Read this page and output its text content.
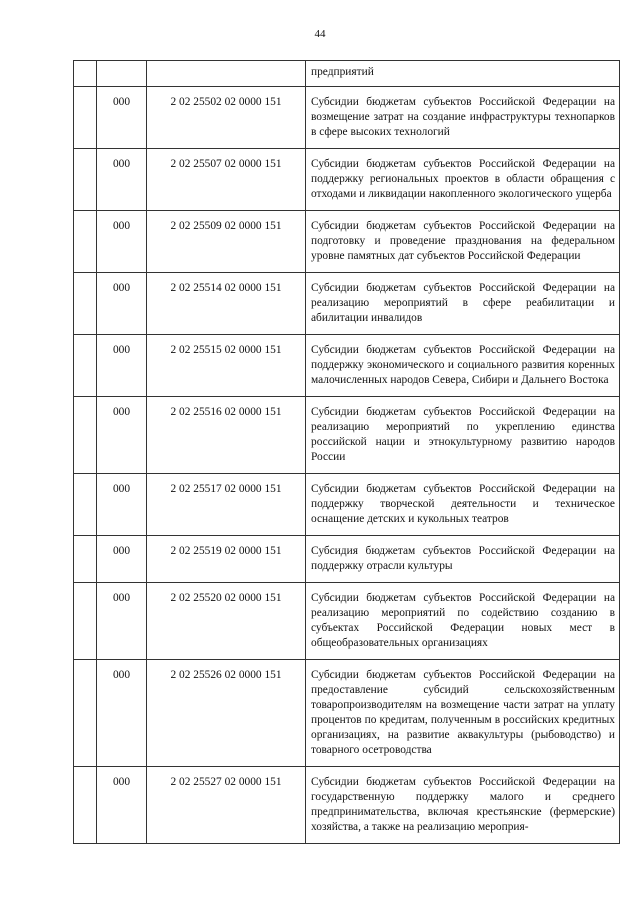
44
			предприятий
	000	2 02 25502 02 0000 151	Субсидии бюджетам субъектов Российской Федерации на возмещение затрат на создание инфраструктуры технопарков в сфере высоких технологий
	000	2 02 25507 02 0000 151	Субсидии бюджетам субъектов Российской Федерации на поддержку региональных проектов в области обращения с отходами и ликвидации накопленного экологического ущерба
	000	2 02 25509 02 0000 151	Субсидии бюджетам субъектов Российской Федерации на подготовку и проведение празднования на федеральном уровне памятных дат субъектов Российской Федерации
	000	2 02 25514 02 0000 151	Субсидии бюджетам субъектов Российской Федерации на реализацию мероприятий в сфере реабилитации и абилитации инвалидов
	000	2 02 25515 02 0000 151	Субсидии бюджетам субъектов Российской Федерации на поддержку экономического и социального развития коренных малочисленных народов Севера, Сибири и Дальнего Востока
	000	2 02 25516 02 0000 151	Субсидии бюджетам субъектов Российской Федерации на реализацию мероприятий по укреплению единства российской нации и этнокультурному развитию народов России
	000	2 02 25517 02 0000 151	Субсидии бюджетам субъектов Российской Федерации на поддержку творческой деятельности и техническое оснащение детских и кукольных театров
	000	2 02 25519 02 0000 151	Субсидия бюджетам субъектов Российской Федерации на поддержку отрасли культуры
	000	2 02 25520 02 0000 151	Субсидии бюджетам субъектов Российской Федерации на реализацию мероприятий по содействию созданию в субъектах Российской Федерации новых мест в общеобразовательных организациях
	000	2 02 25526 02 0000 151	Субсидии бюджетам субъектов Российской Федерации на предоставление субсидий сельскохозяйственным товаропроизводителям на возмещение части затрат на уплату процентов по кредитам, полученным в российских кредитных организациях, на развитие аквакультуры (рыбоводство) и товарного осетроводства
	000	2 02 25527 02 0000 151	Субсидии бюджетам субъектов Российской Федерации на государственную поддержку малого и среднего предпринимательства, включая крестьянские (фермерские) хозяйства, а также на реализацию мероприя-
